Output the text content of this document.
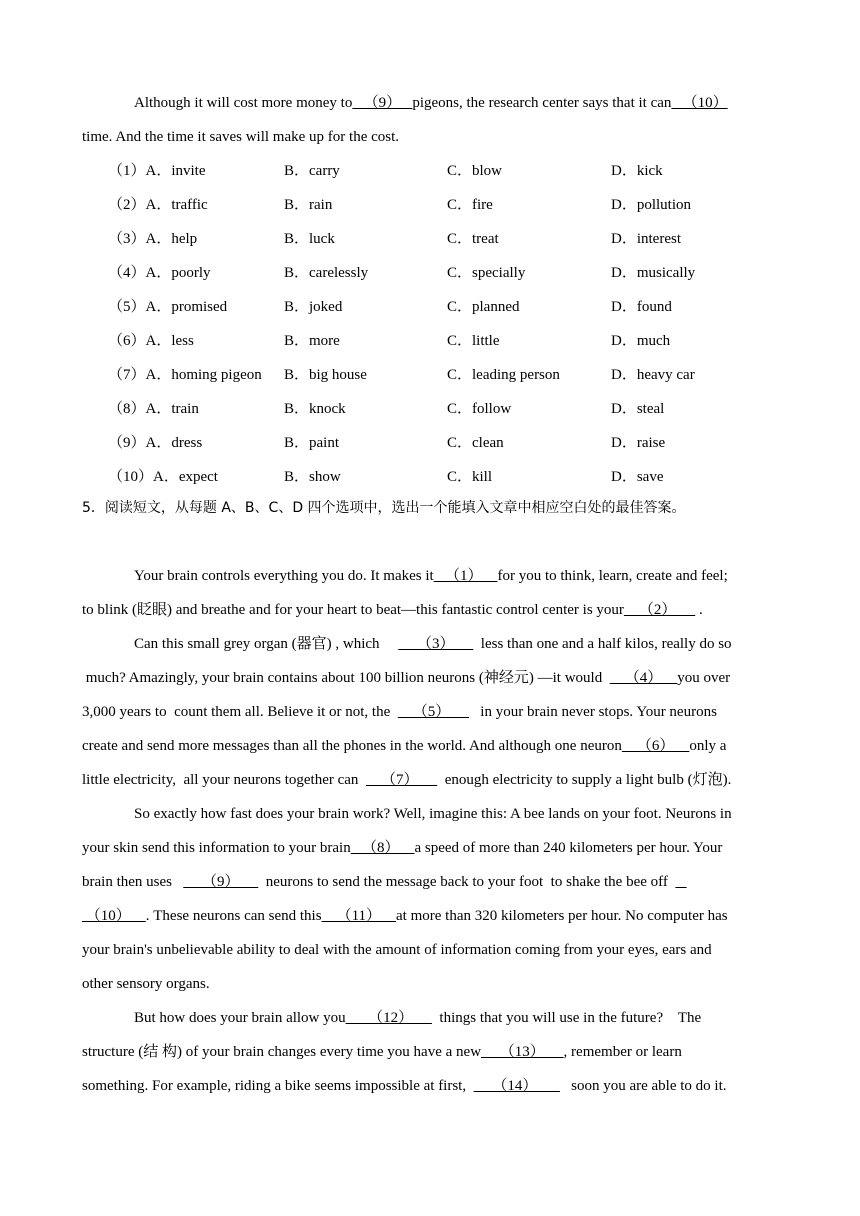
Although it will cost more money to   （9）   pigeons, the research center says that it can   （10）
time. And the time it saves will make up for the cost.
（1）A．invite	B．carry	C．blow	D．kick
（2）A．traffic	B．rain	C．fire	D．pollution
（3）A．help	B．luck	C．treat	D．interest
（4）A．poorly	B．carelessly	C．specially	D．musically
（5）A．promised	B．joked	C．planned	D．found
（6）A．less	B．more	C．little	D．much
（7）A．homing pigeon B．big house	C．leading person	D．heavy car
（8）A．train	B．knock	C．follow	D．steal
（9）A．dress	B．paint	C．clean	D．raise
（10）A．expect	B．show	C．kill	D．save
5．阅读短文，从每题 A、B、C、D 四个选项中，选出一个能填入文章中相应空白处的最佳答案。
Your brain controls everything you do. It makes it   （1）    for you to think, learn, create and feel;
to blink (眨眼) and breathe and for your heart to beat—this fantastic control center is your    （2）      .
Can this small grey organ (器官) , which          （3）       less than one and a half kilos, really do so
much? Amazingly, your brain contains about 100 billion neurons (神经元) —it would      （4）    you over
3,000 years to  count them all. Believe it or not, the      （5）        in your brain never stops. Your neurons
create and send more messages than all the phones in the world. And although one neuron    （6）    only a
little electricity,  all your neurons together can      （7）       enough electricity to supply a light bulb (灯泡).
So exactly how fast does your brain work? Well, imagine this: A bee lands on your foot. Neurons in
your skin send this information to your brain   （8）    a speed of more than 240 kilometers per hour. Your
brain then uses        （9）       neurons to send the message back to your foot  to shake the bee off
（10）    . These neurons can send this    （11）    at more than 320 kilometers per hour. No computer has
your brain's unbelievable ability to deal with the amount of information coming from your eyes, ears and
other sensory organs.
But how does your brain allow you      （12）       things that you will use in the future?    The
structure (结 构) of your brain changes every time you have a new     （13）     , remember or learn
something. For example, riding a bike seems impossible at first,       （14）         soon you are able to do it.
